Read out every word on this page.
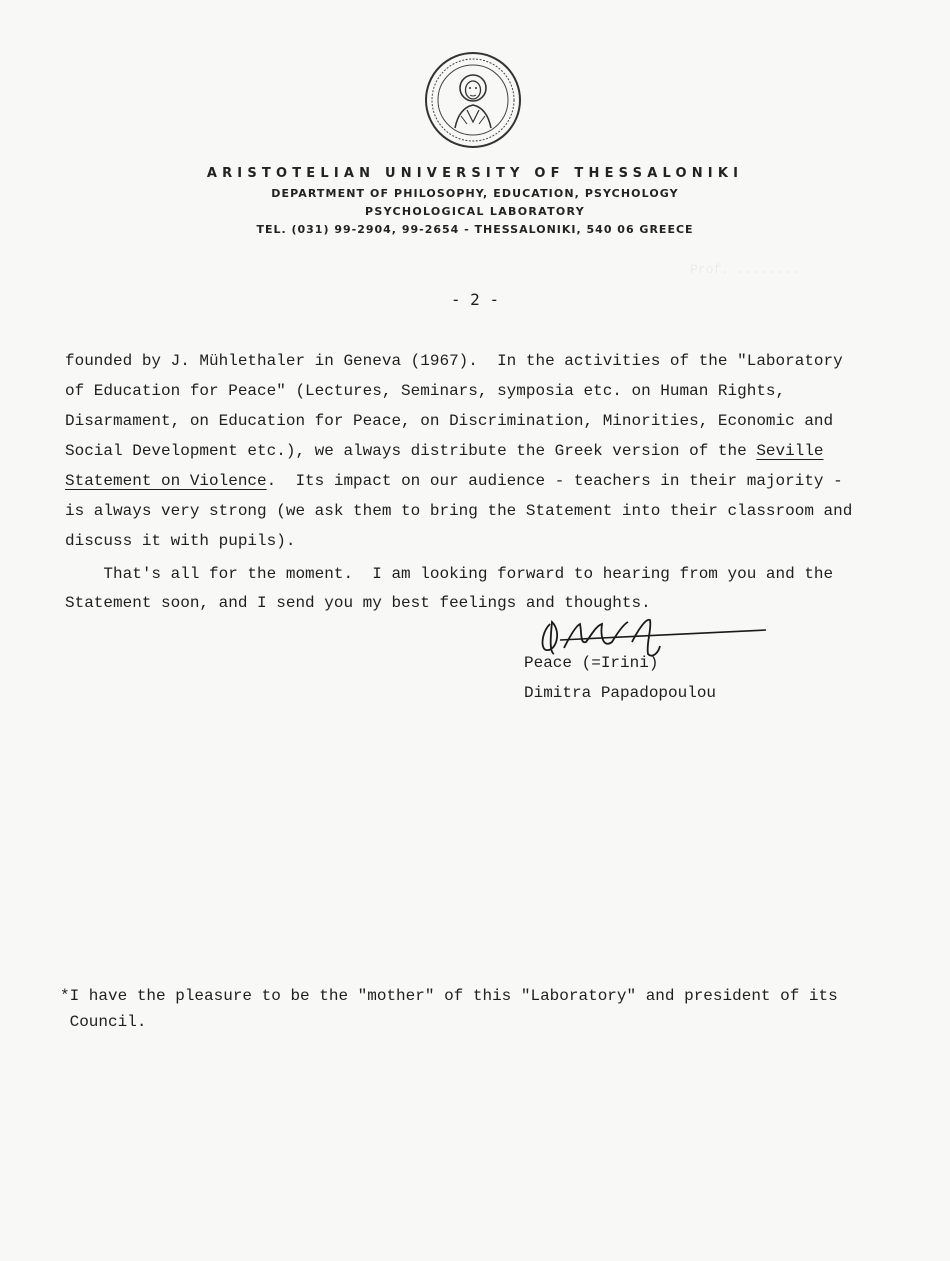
Prof. ........
ARISTOTELIAN UNIVERSITY OF THESSALONIKI
DEPARTMENT OF PHILOSOPHY, EDUCATION, PSYCHOLOGY
PSYCHOLOGICAL LABORATORY
TEL. (031) 99-2904, 99-2654 - THESSALONIKI, 540 06 GREECE
- 2 -
founded by J. Mühlethaler in Geneva (1967).  In the activities of the "Laboratory
of Education for Peace" (Lectures, Seminars, symposia etc. on Human Rights,
Disarmament, on Education for Peace, on Discrimination, Minorities, Economic and
Social Development etc.), we always distribute the Greek version of the Seville
Statement on Violence.  Its impact on our audience - teachers in their majority -
is always very strong (we ask them to bring the Statement into their classroom and
discuss it with pupils).
That's all for the moment.  I am looking forward to hearing from you and the
Statement soon, and I send you my best feelings and thoughts.
Peace (=Irini)
Dimitra Papadopoulou
*I have the pleasure to be the "mother" of this "Laboratory" and president of its
Council.
